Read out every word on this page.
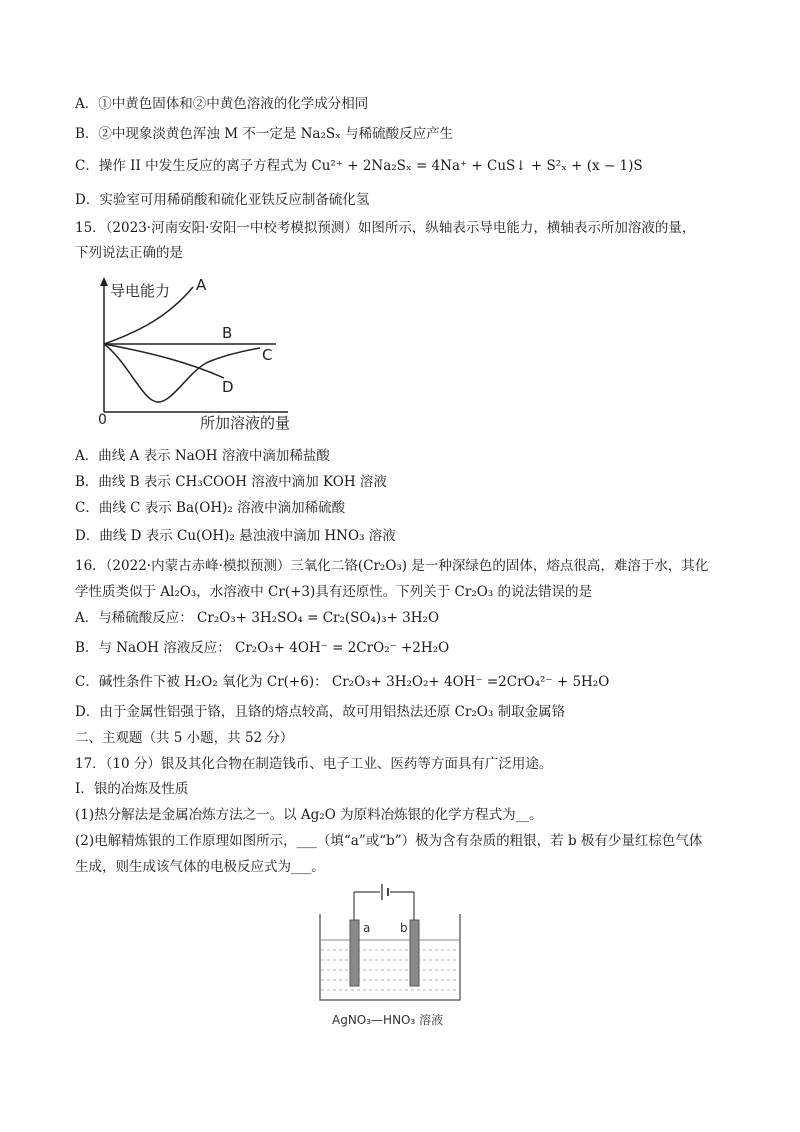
A．①中黄色固体和②中黄色溶液的化学成分相同
B．②中现象淡黄色浑浊 M 不一定是 Na₂Sₓ 与稀硫酸反应产生
C．操作 II 中发生反应的离子方程式为 Cu²⁺ + 2Na₂Sₓ = 4Na⁺ + CuS↓ + S²ₓ + (x − 1)S
D．实验室可用稀硝酸和硫化亚铁反应制备硫化氢
15．（2023·河南安阳·安阳一中校考模拟预测）如图所示，纵轴表示导电能力，横轴表示所加溶液的量，
下列说法正确的是
导电能力
0	所加溶液的量
A
B
C
D
A．曲线 A 表示 NaOH 溶液中滴加稀盐酸
B．曲线 B 表示 CH₃COOH 溶液中滴加 KOH 溶液
C．曲线 C 表示 Ba(OH)₂ 溶液中滴加稀硫酸
D．曲线 D 表示 Cu(OH)₂ 悬浊液中滴加 HNO₃ 溶液
16．（2022·内蒙古赤峰·模拟预测）三氧化二铬(Cr₂O₃) 是一种深绿色的固体，熔点很高，难溶于水，其化
学性质类似于 Al₂O₃，水溶液中 Cr(+3)具有还原性。下列关于 Cr₂O₃ 的说法错误的是
A．与稀硫酸反应： Cr₂O₃+ 3H₂SO₄ = Cr₂(SO₄)₃+ 3H₂O
B．与 NaOH 溶液反应： Cr₂O₃+ 4OH⁻ = 2CrO₂⁻ +2H₂O
C．碱性条件下被 H₂O₂ 氧化为 Cr(+6)： Cr₂O₃+ 3H₂O₂+ 4OH⁻ =2CrO₄²⁻ + 5H₂O
D．由于金属性铝强于铬，且铬的熔点较高，故可用铝热法还原 Cr₂O₃ 制取金属铬
二、主观题（共 5 小题，共 52 分）
17．（10 分）银及其化合物在制造钱币、电子工业、医药等方面具有广泛用途。
Ⅰ．银的冶炼及性质
(1)热分解法是金属冶炼方法之一。以 Ag₂O 为原料冶炼银的化学方程式为__。
(2)电解精炼银的工作原理如图所示，___（填“a”或“b”）极为含有杂质的粗银，若 b 极有少量红棕色气体
生成，则生成该气体的电极反应式为___。
a b
AgNO₃—HNO₃ 溶液
